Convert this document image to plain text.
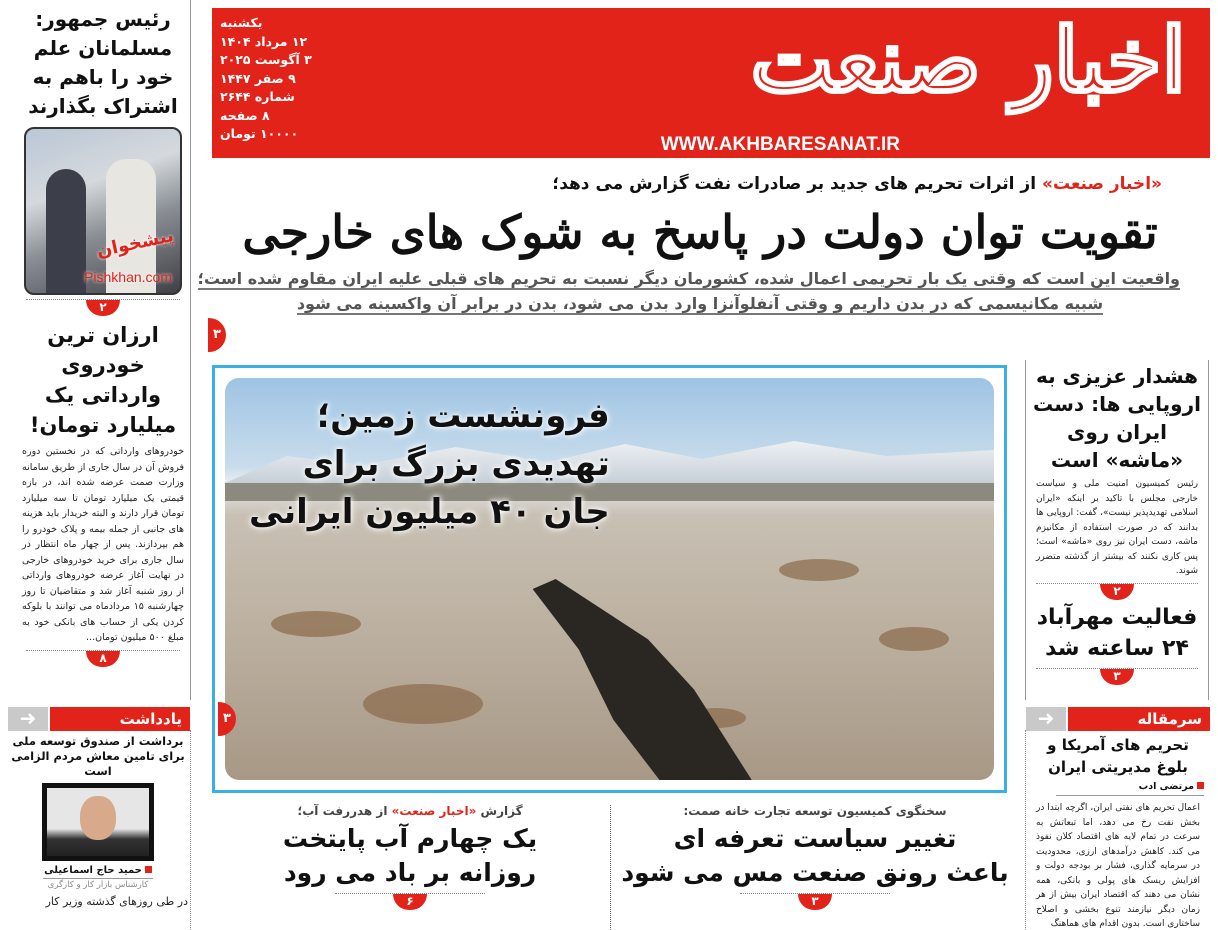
یکشنبه
۱۲ مرداد ۱۴۰۴
۳ آگوست ۲۰۲۵
۹ صفر ۱۴۴۷
شماره ۲۶۴۴
۸ صفحه
۱۰۰۰۰ تومان
اخبار صنعت
WWW.AKHBARESANAT.IR
«اخبار صنعت» از اثرات تحریم های جدید بر صادرات نفت گزارش می دهد؛
تقویت توان دولت در پاسخ به شوک های خارجی
واقعیت این است که وقتی یک بار تحریمی اعمال شده، کشورمان دیگر نسبت به تحریم های قبلی علیه ایران مقاوم شده است؛
شبیه مکانیسمی که در بدن داریم و وقتی آنفلوآنزا وارد بدن می شود، بدن در برابر آن واکسینه می شود
۳
فرونشست زمین؛
تهدیدی بزرگ برای
جان ۴۰ میلیون ایرانی
۳
رئیس جمهور: مسلمانان علم خود را باهم به اشتراک بگذارند
پیشخوان
Pishkhan.com
۲
ارزان ترین خودروی وارداتی یک میلیارد تومان!
خودروهای وارداتی که در نخستین دوره فروش آن در سال جاری از طریق سامانه وزارت صمت عرضه شده اند، در بازه قیمتی یک میلیارد تومان تا سه میلیارد تومان قرار دارند و البته خریدار باید هزینه های جانبی از جمله بیمه و پلاک خودرو را هم بپردازند. پس از چهار ماه انتظار در سال جاری برای خرید خودروهای خارجی در نهایت آغاز عرضه خودروهای وارداتی از روز شنبه آغاز شد و متقاضیان تا روز چهارشنبه ۱۵ مردادماه می توانند با بلوکه کردن یکی از حساب های بانکی خود به مبلغ ۵۰۰ میلیون تومان...
۸
➜	یادداشت
برداشت از صندوق توسعه ملی برای تامین معاش مردم الزامی است
حمید حاج اسماعیلی
کارشناس بازار کار و کارگری
در طی روزهای گذشته وزیر کار
هشدار عزیزی به اروپایی ها: دست ایران روی «ماشه» است
رئیس کمیسیون امنیت ملی و سیاست خارجی مجلس با تاکید بر اینکه «ایران اسلامی تهدیدپذیر نیست»، گفت: اروپایی ها بدانند که در صورت استفاده از مکانیزم ماشه، دست ایران نیز روی «ماشه» است؛ پس کاری نکنند که بیشتر از گذشته متضرر شوند.
۲
فعالیت مهرآباد ۲۴ ساعته شد
۳
➜	سرمقاله
تحریم های آمریکا و بلوغ مدیریتی ایران
مرتضی ادب
اعمال تحریم های نفتی ایران، اگرچه ابتدا در بخش نفت رخ می دهد، اما تبعاتش به سرعت در تمام لایه های اقتصاد کلان نفوذ می کند. کاهش درآمدهای ارزی، محدودیت در سرمایه گذاری، فشار بر بودجه دولت و افزایش ریسک های پولی و بانکی، همه نشان می دهند که اقتصاد ایران بیش از هر زمان دیگر نیازمند تنوع بخشی و اصلاح ساختاری است. بدون اقدام های هماهنگ
گزارش «اخبار صنعت» از هدررفت آب؛
یک چهارم آب پایتخت
روزانه بر باد می رود
۶
سخنگوی کمیسیون توسعه تجارت خانه صمت:
تغییر سیاست تعرفه ای
باعث رونق صنعت مس می شود
۳
